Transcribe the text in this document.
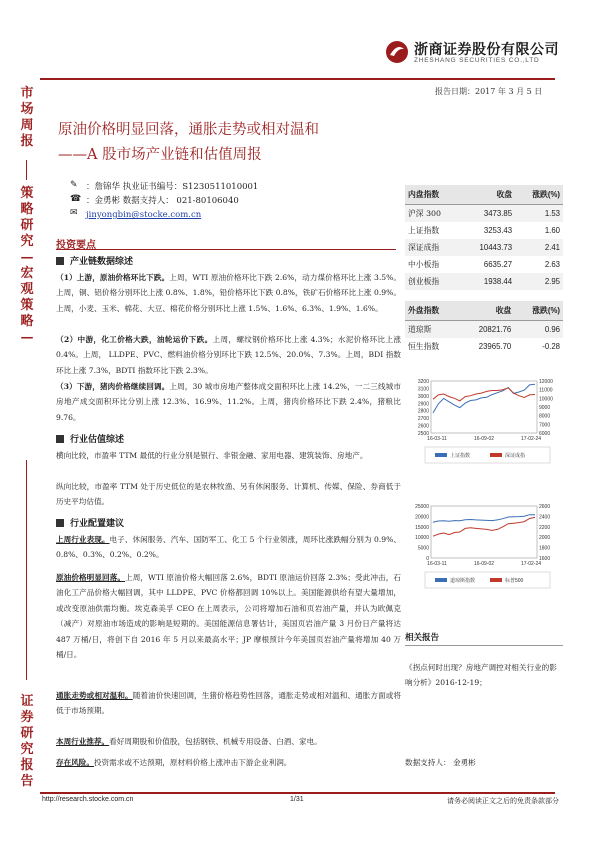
浙商证券股份有限公司
ZHESHANG SECURITIES CO.,LTD
市场周报
策略研究—宏观策略—
证券研究报告
报告日期：2017 年 3 月 5 日
原油价格明显回落，通胀走势或相对温和
——A 股市场产业链和估值周报
✎
☎
✉
：詹锦华 执业证书编号：S1230511010001
：金勇彬 数据支持人： 021-80106040
jinyongbin@stocke.com.cn
投资要点
产业链数据综述
（1）上游，原油价格环比下跌。上周，WTI 原油价格环比下跌 2.6%，动力煤价格环比上涨 3.5%。上周，铜、铝价格分别环比上涨 0.8%、1.8%，铅价格环比下跌 0.8%，铁矿石价格环比上涨 0.9%。上周，小麦、玉米、棉花、大豆、棉花价格分别环比上涨 1.5%、1.6%、6.3%、1.9%、1.6%。
（2）中游，化工价格大跌，油轮运价下跌。上周，螺纹钢价格环比上涨 4.3%；水泥价格环比上涨 0.4%。上周， LLDPE、PVC、燃料油价格分别环比下跌 12.5%、20.0%、7.3%。上周，BDI 指数环比上涨 7.3%，BDTI 指数环比下跌 2.3%。
（3）下游，猪肉价格继续回调。上周，30 城市房地产整体成交面积环比上涨 14.2%，一二三线城市房地产成交面积环比分别上涨 12.3%、16.9%、11.2%。上周，猪肉价格环比下跌 2.4%，猪粮比 9.76。
行业估值综述
横向比较，市盈率 TTM 最低的行业分别是银行、非银金融、家用电器、建筑装饰、房地产。
纵向比较，市盈率 TTM 处于历史低位的是农林牧渔、另有休闲服务、计算机、传媒、保险、券商低于历史平均估值。
行业配置建议
上周行业表现。电子、休闲服务、汽车、国防军工、化工 5 个行业领涨，周环比涨跌幅分别为 0.9%、0.8%、0.3%、0.2%、0.2%。
原油价格明显回落。上周，WTI 原油价格大幅回落 2.6%，BDTI 原油运价回落 2.3%；受此冲击，石油化工产品价格大幅回调，其中 LLDPE、PVC 价格都回调 10%以上。美国能源供给有望大量增加，或改变原油供需均衡。埃克森美孚 CEO 在上周表示，公司将增加石油和页岩油产量，并认为欧佩克（减产）对原油市场造成的影响是短期的。美国能源信息署估计，美国页岩油产量 3 月份日产量将达 487 万桶/日，将创下自 2016 年 5 月以来最高水平；JP 摩根预计今年美国页岩油产量将增加 40 万桶/日。
通胀走势或相对温和。随着油价快速回调，生猪价格趋势性回落，通胀走势或相对温和、通胀方面或将低于市场预期。
本周行业推荐。看好周期股和价值股，包括钢铁、机械专用设备、白酒、家电。
存在风险。投资需求或不达预期，原材料价格上涨冲击下游企业利润。
内盘指数	收盘	涨跌(%)
沪深 300	3473.85	1.53
上证指数	3253.43	1.60
深证成指	10443.73	2.41
中小板指	6635.27	2.63
创业板指	1938.44	2.95
外盘指数	收盘	涨跌(%)
道琼斯	20821.76	0.96
恒生指数	23965.70	-0.28
3200
3100
3000
2900
2800
2700
2600
2500
12000
11000
10000
9000
8000
7000
6000
16-03-11	16-09-02	17-02-24
上证指数	深证成指
25000
20000
15000
10000
5000
0
2600
2400
2200
2000
1800
1600
16-03-11	16-09-02	17-02-24
道琼斯指数	标普500
相关报告
《拐点何时出现？房地产调控对相关行业的影响分析》2016-12-19；
数据支持人： 金勇彬
http://research.stocke.com.cn	1/31	请务必阅读正文之后的免责条款部分
